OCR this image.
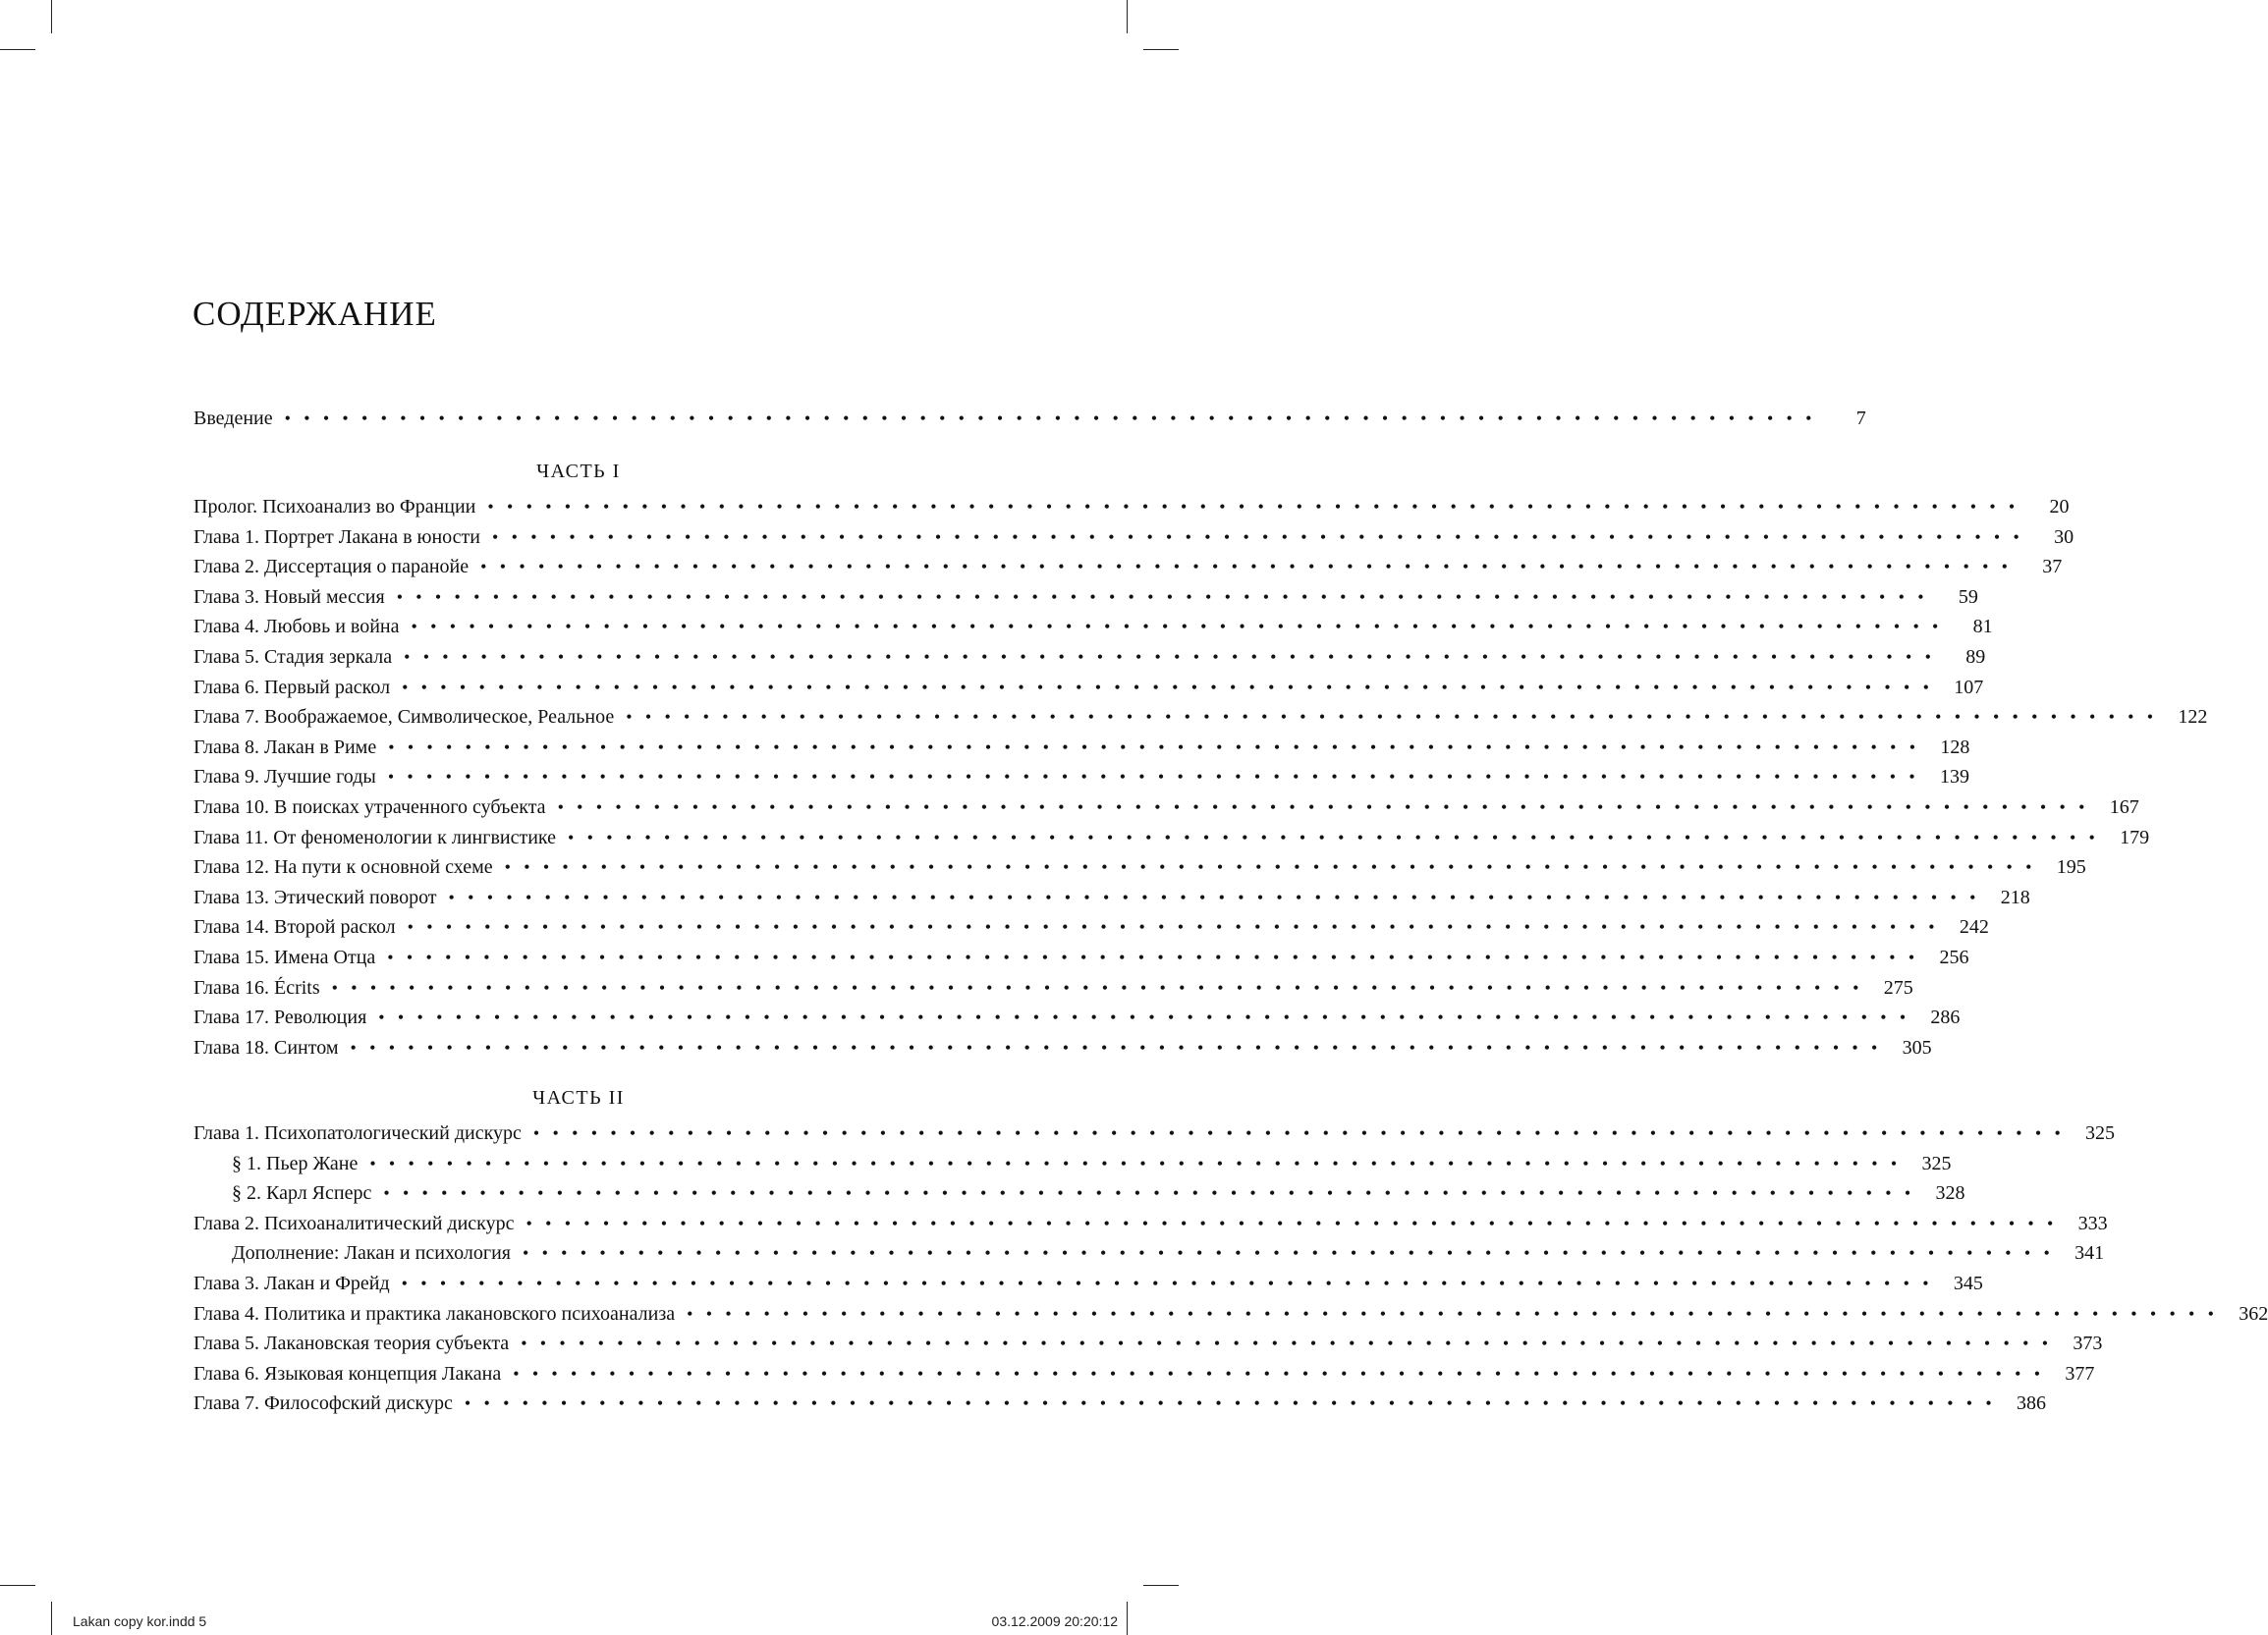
СОДЕРЖАНИЕ
Введение ••••••••••••••••••••••••••••••••••••••••••••••••••••••••••••••••••••••••••••••••	7
ЧАСТЬ I
Пролог. Психоанализ во Франции ••••••••••••••••••••••••••••••••••••••••••••••••••••••••••••••••••••••••••••••••	20
Глава 1. Портрет Лакана в юности ••••••••••••••••••••••••••••••••••••••••••••••••••••••••••••••••••••••••••••••••	30
Глава 2. Диссертация о паранойе ••••••••••••••••••••••••••••••••••••••••••••••••••••••••••••••••••••••••••••••••	37
Глава 3. Новый мессия ••••••••••••••••••••••••••••••••••••••••••••••••••••••••••••••••••••••••••••••••	59
Глава 4. Любовь и война ••••••••••••••••••••••••••••••••••••••••••••••••••••••••••••••••••••••••••••••••	81
Глава 5. Стадия зеркала ••••••••••••••••••••••••••••••••••••••••••••••••••••••••••••••••••••••••••••••••	89
Глава 6. Первый раскол •••••••••••••••••••••••••••••••••••••••••••••••••••••••••••••••••••••••••••••••• 107
Глава 7. Воображаемое, Символическое, Реальное •••••••••••••••••••••••••••••••••••••••••••••••••••••••••••••••••••••••••••••••• 122
Глава 8. Лакан в Риме •••••••••••••••••••••••••••••••••••••••••••••••••••••••••••••••••••••••••••••••• 128
Глава 9. Лучшие годы •••••••••••••••••••••••••••••••••••••••••••••••••••••••••••••••••••••••••••••••• 139
Глава 10. В поисках утраченного субъекта •••••••••••••••••••••••••••••••••••••••••••••••••••••••••••••••••••••••••••••••• 167
Глава 11. От феноменологии к лингвистике •••••••••••••••••••••••••••••••••••••••••••••••••••••••••••••••••••••••••••••••• 179
Глава 12. На пути к основной схеме •••••••••••••••••••••••••••••••••••••••••••••••••••••••••••••••••••••••••••••••• 195
Глава 13. Этический поворот •••••••••••••••••••••••••••••••••••••••••••••••••••••••••••••••••••••••••••••••• 218
Глава 14. Второй раскол •••••••••••••••••••••••••••••••••••••••••••••••••••••••••••••••••••••••••••••••• 242
Глава 15. Имена Отца •••••••••••••••••••••••••••••••••••••••••••••••••••••••••••••••••••••••••••••••• 256
Глава 16. Écrits •••••••••••••••••••••••••••••••••••••••••••••••••••••••••••••••••••••••••••••••• 275
Глава 17. Революция •••••••••••••••••••••••••••••••••••••••••••••••••••••••••••••••••••••••••••••••• 286
Глава 18. Синтом •••••••••••••••••••••••••••••••••••••••••••••••••••••••••••••••••••••••••••••••• 305
ЧАСТЬ II
Глава 1. Психопатологический дискурс •••••••••••••••••••••••••••••••••••••••••••••••••••••••••••••••••••••••••••••••• 325
§ 1. Пьер Жане •••••••••••••••••••••••••••••••••••••••••••••••••••••••••••••••••••••••••••••••• 325
§ 2. Карл Ясперс •••••••••••••••••••••••••••••••••••••••••••••••••••••••••••••••••••••••••••••••• 328
Глава 2. Психоаналитический дискурс •••••••••••••••••••••••••••••••••••••••••••••••••••••••••••••••••••••••••••••••• 333
Дополнение: Лакан и психология •••••••••••••••••••••••••••••••••••••••••••••••••••••••••••••••••••••••••••••••• 341
Глава 3. Лакан и Фрейд •••••••••••••••••••••••••••••••••••••••••••••••••••••••••••••••••••••••••••••••• 345
Глава 4. Политика и практика лакановского психоанализа •••••••••••••••••••••••••••••••••••••••••••••••••••••••••••••••••••••••••••••••• 362
Глава 5. Лакановская теория субъекта •••••••••••••••••••••••••••••••••••••••••••••••••••••••••••••••••••••••••••••••• 373
Глава 6. Языковая концепция Лакана •••••••••••••••••••••••••••••••••••••••••••••••••••••••••••••••••••••••••••••••• 377
Глава 7. Философский дискурс •••••••••••••••••••••••••••••••••••••••••••••••••••••••••••••••••••••••••••••••• 386
Lakan copy kor.indd 5	03.12.2009 20:20:12
